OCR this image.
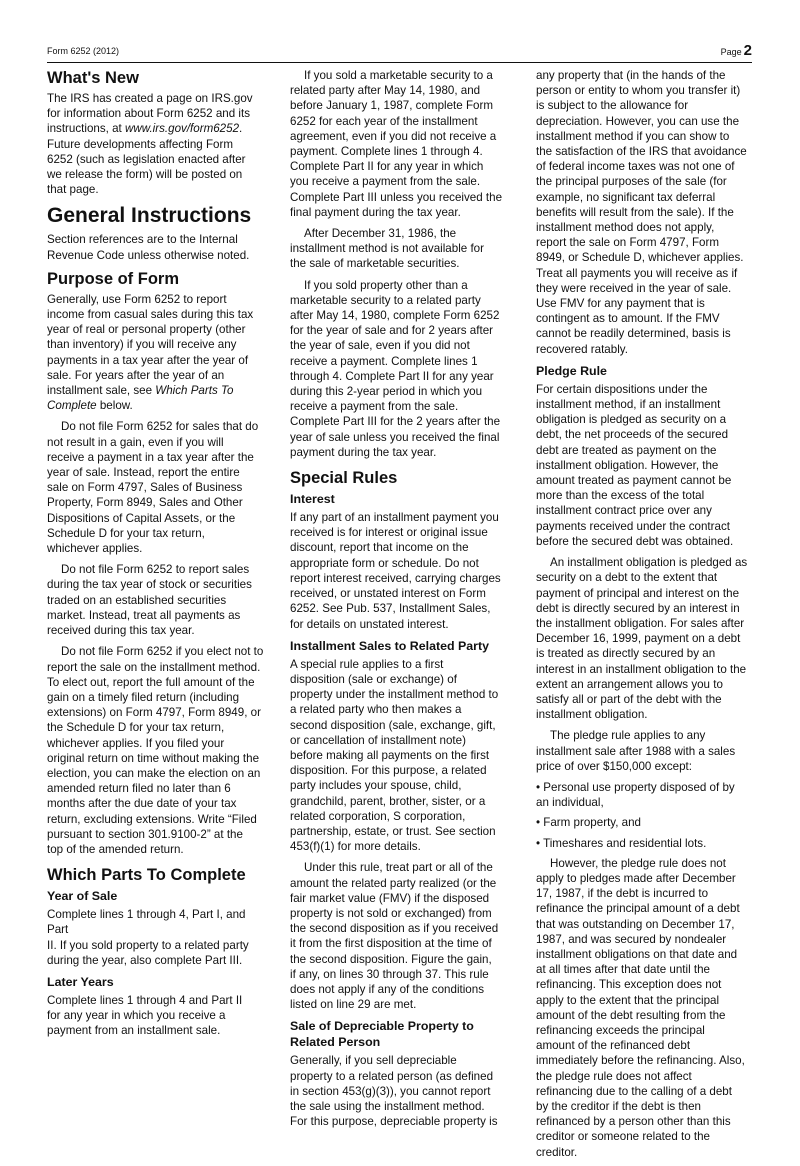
Form 6252 (2012)	Page 2
What's New

The IRS has created a page on IRS.gov
for information about Form 6252 and its
instructions, at www.irs.gov/form6252.
Future developments affecting Form
6252 (such as legislation enacted after
we release the form) will be posted on
that page.

General Instructions

Section references are to the Internal
Revenue Code unless otherwise noted.

Purpose of Form

Generally, use Form 6252 to report
income from casual sales during this tax
year of real or personal property (other
than inventory) if you will receive any
payments in a tax year after the year of
sale. For years after the year of an
installment sale, see Which Parts To
Complete below.

Do not file Form 6252 for sales that do
not result in a gain, even if you will
receive a payment in a tax year after the
year of sale. Instead, report the entire
sale on Form 4797, Sales of Business
Property, Form 8949, Sales and Other
Dispositions of Capital Assets, or the
Schedule D for your tax return,
whichever applies.

Do not file Form 6252 to report sales
during the tax year of stock or securities
traded on an established securities
market. Instead, treat all payments as
received during this tax year.

Do not file Form 6252 if you elect not to
report the sale on the installment method.
To elect out, report the full amount of the
gain on a timely filed return (including
extensions) on Form 4797, Form 8949, or
the Schedule D for your tax return,
whichever applies. If you filed your
original return on time without making the
election, you can make the election on an
amended return filed no later than 6
months after the due date of your tax
return, excluding extensions. Write “Filed
pursuant to section 301.9100-2” at the
top of the amended return.

Which Parts To Complete
Year of Sale

Complete lines 1 through 4, Part I, and Part
II. If you sold property to a related party
during the year, also complete Part III.

Later Years

Complete lines 1 through 4 and Part II
for any year in which you receive a
payment from an installment sale.

If you sold a marketable security to a
related party after May 14, 1980, and
before January 1, 1987, complete Form
6252 for each year of the installment
agreement, even if you did not receive a
payment. Complete lines 1 through 4.
Complete Part II for any year in which
you receive a payment from the sale.
Complete Part III unless you received the
final payment during the tax year.

After December 31, 1986, the
installment method is not available for
the sale of marketable securities.

If you sold property other than a
marketable security to a related party
after May 14, 1980, complete Form 6252
for the year of sale and for 2 years after
the year of sale, even if you did not
receive a payment. Complete lines 1
through 4. Complete Part II for any year
during this 2-year period in which you
receive a payment from the sale.
Complete Part III for the 2 years after the
year of sale unless you received the final
payment during the tax year.

Special Rules
Interest

If any part of an installment payment you
received is for interest or original issue
discount, report that income on the
appropriate form or schedule. Do not
report interest received, carrying charges
received, or unstated interest on Form
6252. See Pub. 537, Installment Sales,
for details on unstated interest.

Installment Sales to Related Party

A special rule applies to a first
disposition (sale or exchange) of
property under the installment method to
a related party who then makes a
second disposition (sale, exchange, gift,
or cancellation of installment note)
before making all payments on the first
disposition. For this purpose, a related
party includes your spouse, child,
grandchild, parent, brother, sister, or a
related corporation, S corporation,
partnership, estate, or trust. See section
453(f)(1) for more details.

Under this rule, treat part or all of the
amount the related party realized (or the
fair market value (FMV) if the disposed
property is not sold or exchanged) from
the second disposition as if you received
it from the first disposition at the time of
the second disposition. Figure the gain,
if any, on lines 30 through 37. This rule
does not apply if any of the conditions
listed on line 29 are met.

Sale of Depreciable Property to
Related Person

Generally, if you sell depreciable
property to a related person (as defined
in section 453(g)(3)), you cannot report
the sale using the installment method.
For this purpose, depreciable property is

any property that (in the hands of the
person or entity to whom you transfer it)
is subject to the allowance for
depreciation. However, you can use the
installment method if you can show to
the satisfaction of the IRS that avoidance
of federal income taxes was not one of
the principal purposes of the sale (for
example, no significant tax deferral
benefits will result from the sale). If the
installment method does not apply,
report the sale on Form 4797, Form
8949, or Schedule D, whichever applies.
Treat all payments you will receive as if
they were received in the year of sale.
Use FMV for any payment that is
contingent as to amount. If the FMV
cannot be readily determined, basis is
recovered ratably.

Pledge Rule

For certain dispositions under the
installment method, if an installment
obligation is pledged as security on a
debt, the net proceeds of the secured
debt are treated as payment on the
installment obligation. However, the
amount treated as payment cannot be
more than the excess of the total
installment contract price over any
payments received under the contract
before the secured debt was obtained.

An installment obligation is pledged as
security on a debt to the extent that
payment of principal and interest on the
debt is directly secured by an interest in
the installment obligation. For sales after
December 16, 1999, payment on a debt
is treated as directly secured by an
interest in an installment obligation to the
extent an arrangement allows you to
satisfy all or part of the debt with the
installment obligation.

The pledge rule applies to any
installment sale after 1988 with a sales
price of over $150,000 except:

• Personal use property disposed of by
an individual,
• Farm property, and
• Timeshares and residential lots.

However, the pledge rule does not
apply to pledges made after December
17, 1987, if the debt is incurred to
refinance the principal amount of a debt
that was outstanding on December 17,
1987, and was secured by nondealer
installment obligations on that date and
at all times after that date until the
refinancing. This exception does not
apply to the extent that the principal
amount of the debt resulting from the
refinancing exceeds the principal
amount of the refinanced debt
immediately before the refinancing. Also,
the pledge rule does not affect
refinancing due to the calling of a debt
by the creditor if the debt is then
refinanced by a person other than this
creditor or someone related to the
creditor.
